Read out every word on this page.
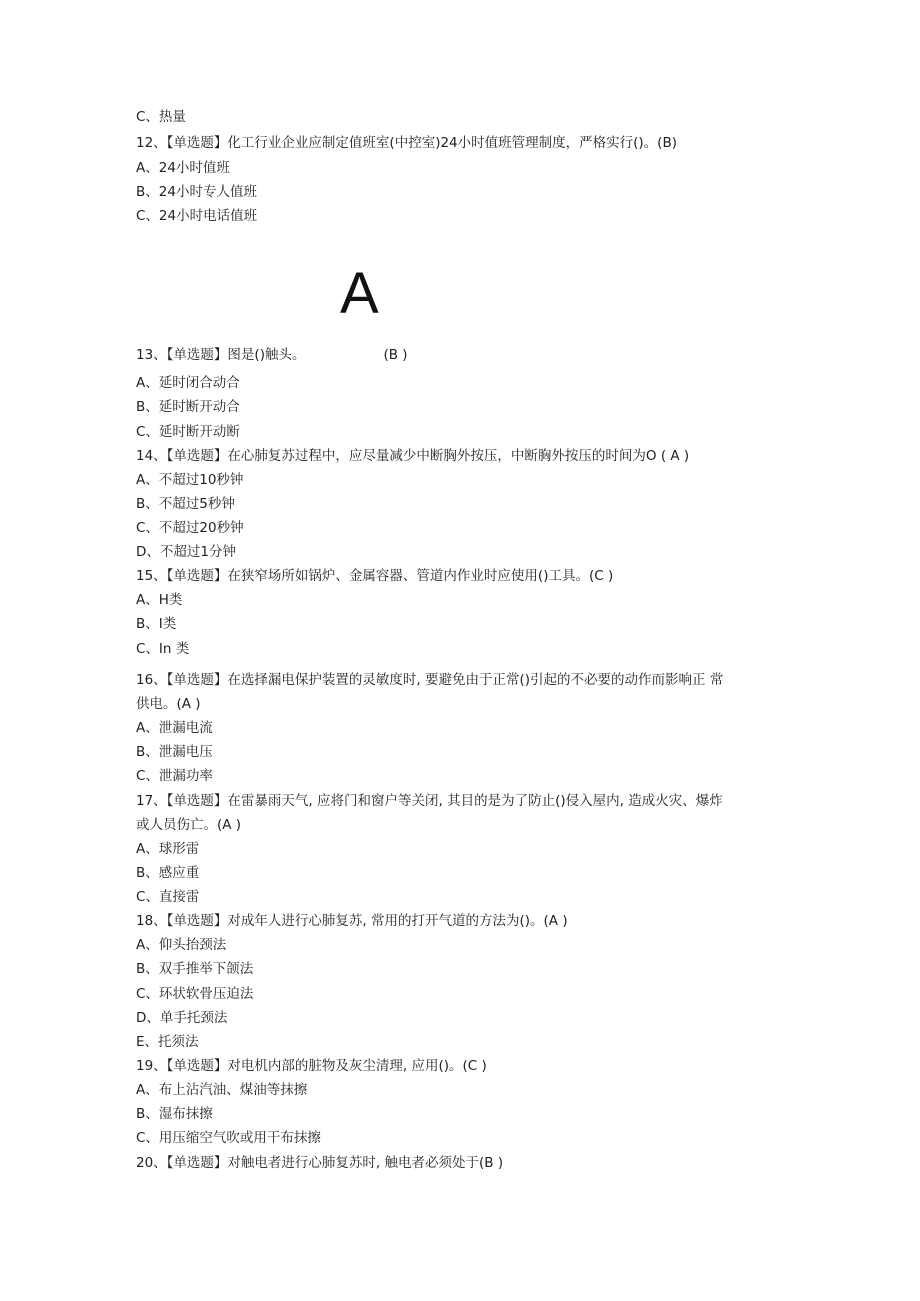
C、热量
12、【单选题】化工行业企业应制定值班室(中控室)24小时值班管理制度，严格实行()。(B)
A、24小时值班
B、24小时专人值班
C、24小时电话值班
A
13、【单选题】图是()触头。	(B )
A、延时闭合动合
B、延时断开动合
C、延时断开动断
14、【单选题】在心肺复苏过程中，应尽量减少中断胸外按压，中断胸外按压的时间为O ( A )
A、不超过10秒钟
B、不超过5秒钟
C、不超过20秒钟
D、不超过1分钟
15、【单选题】在狭窄场所如锅炉、金属容器、管道内作业时应使用()工具。(C )
A、H类
B、I类
C、In 类
16、【单选题】在选择漏电保护装置的灵敏度时, 要避免由于正常()引起的不必要的动作而影响正 常
供电。(A )
A、泄漏电流
B、泄漏电压
C、泄漏功率
17、【单选题】在雷暴雨天气, 应将门和窗户等关闭, 其目的是为了防止()侵入屋内, 造成火灾、爆炸
或人员伤亡。(A )
A、球形雷
B、感应重
C、直接雷
18、【单选题】对成年人进行心肺复苏, 常用的打开气道的方法为()。(A )
A、仰头抬颈法
B、双手推举下颌法
C、环状软骨压迫法
D、单手托颈法
E、托须法
19、【单选题】对电机内部的脏物及灰尘清理, 应用()。(C )
A、布上沾汽油、煤油等抹擦
B、湿布抹擦
C、用压缩空气吹或用干布抹擦
20、【单选题】对触电者进行心肺复苏时, 触电者必须处于(B )
